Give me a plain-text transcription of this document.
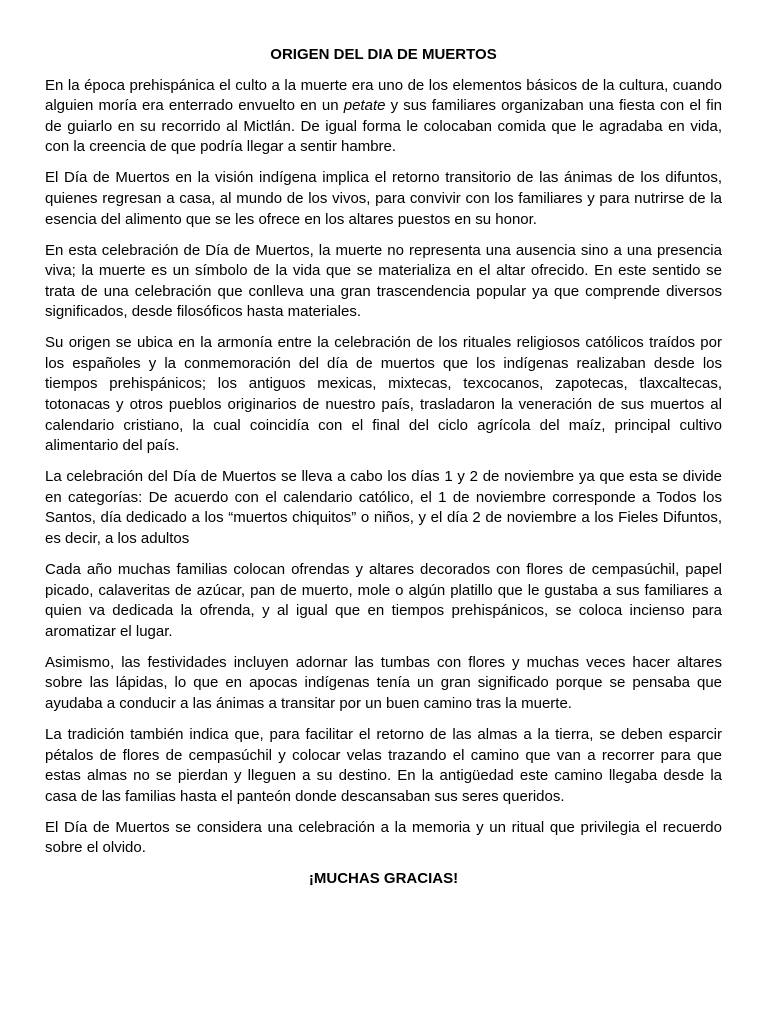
ORIGEN DEL DIA DE MUERTOS

En la época prehispánica el culto a la muerte era uno de los elementos básicos de la cultura, cuando alguien moría era enterrado envuelto en un petate y sus familiares organizaban una fiesta con el fin de guiarlo en su recorrido al Mictlán. De igual forma le colocaban comida que le agradaba en vida, con la creencia de que podría llegar a sentir hambre.

El Día de Muertos en la visión indígena implica el retorno transitorio de las ánimas de los difuntos, quienes regresan a casa, al mundo de los vivos, para convivir con los familiares y para nutrirse de la esencia del alimento que se les ofrece en los altares puestos en su honor.

En esta celebración de Día de Muertos, la muerte no representa una ausencia sino a una presencia viva; la muerte es un símbolo de la vida que se materializa en el altar ofrecido. En este sentido se trata de una celebración que conlleva una gran trascendencia popular ya que comprende diversos significados, desde filosóficos hasta materiales.

Su origen se ubica en la armonía entre la celebración de los rituales religiosos católicos traídos por los españoles y la conmemoración del día de muertos que los indígenas realizaban desde los tiempos prehispánicos; los antiguos mexicas, mixtecas, texcocanos, zapotecas, tlaxcaltecas, totonacas y otros pueblos originarios de nuestro país, trasladaron la veneración de sus muertos al calendario cristiano, la cual coincidía con el final del ciclo agrícola del maíz, principal cultivo alimentario del país.

La celebración del Día de Muertos se lleva a cabo los días 1 y 2 de noviembre ya que esta se divide en categorías: De acuerdo con el calendario católico, el 1 de noviembre corresponde a Todos los Santos, día dedicado a los “muertos chiquitos” o niños, y el día 2 de noviembre a los Fieles Difuntos, es decir, a los adultos

Cada año muchas familias colocan ofrendas y altares decorados con flores de cempasúchil, papel picado, calaveritas de azúcar, pan de muerto, mole o algún platillo que le gustaba a sus familiares a quien va dedicada la ofrenda, y al igual que en tiempos prehispánicos, se coloca incienso para aromatizar el lugar.

Asimismo, las festividades incluyen adornar las tumbas con flores y muchas veces hacer altares sobre las lápidas, lo que en apocas indígenas tenía un gran significado porque se pensaba que ayudaba a conducir a las ánimas a transitar por un buen camino tras la muerte.

La tradición también indica que, para facilitar el retorno de las almas a la tierra, se deben esparcir pétalos de flores de cempasúchil y colocar velas trazando el camino que van a recorrer para que estas almas no se pierdan y lleguen a su destino. En la antigüedad este camino llegaba desde la casa de las familias hasta el panteón donde descansaban sus seres queridos.

El Día de Muertos se considera una celebración a la memoria y un ritual que privilegia el recuerdo sobre el olvido.

¡MUCHAS GRACIAS!
